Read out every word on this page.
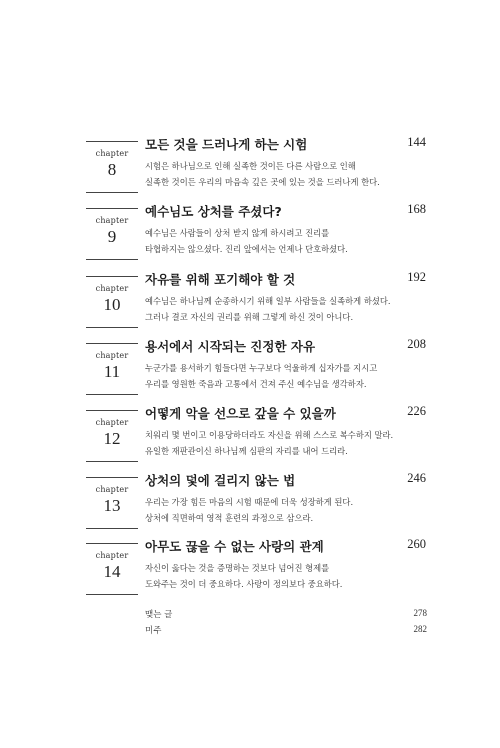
chapter
8
모든 것을 드러나게 하는 시험	144
시험은 하나님으로 인해 실족한 것이든 다른 사람으로 인해
실족한 것이든 우리의 마음속 깊은 곳에 있는 것을 드러나게 한다.
chapter
9
예수님도 상처를 주셨다?	168
예수님은 사람들이 상처 받지 않게 하시려고 진리를
타협하지는 않으셨다. 진리 앞에서는 언제나 단호하셨다.
chapter
10
자유를 위해 포기해야 할 것	192
예수님은 하나님께 순종하시기 위해 일부 사람들을 실족하게 하셨다.
그러나 결코 자신의 권리를 위해 그렇게 하신 것이 아니다.
chapter
11
용서에서 시작되는 진정한 자유	208
누군가를 용서하기 힘들다면 누구보다 억울하게 십자가를 지시고
우리를 영원한 죽음과 고통에서 건져 주신 예수님을 생각하자.
chapter
12
어떻게 악을 선으로 갚을 수 있을까	226
치워리 몇 번이고 이용당하더라도 자신을 위해 스스로 복수하지 말라.
유일한 재판관이신 하나님께 심판의 자리를 내어 드리라.
chapter
13
상처의 덫에 걸리지 않는 법	246
우리는 가장 힘든 마음의 시험 때문에 더욱 성장하게 된다.
상처에 직면하여 영적 훈련의 과정으로 삼으라.
chapter
14
아무도 끊을 수 없는 사랑의 관계	260
자신이 옳다는 것을 증명하는 것보다 넘어진 형제를
도와주는 것이 더 중요하다. 사랑이 정의보다 중요하다.
맺는 글	278
미주	282
